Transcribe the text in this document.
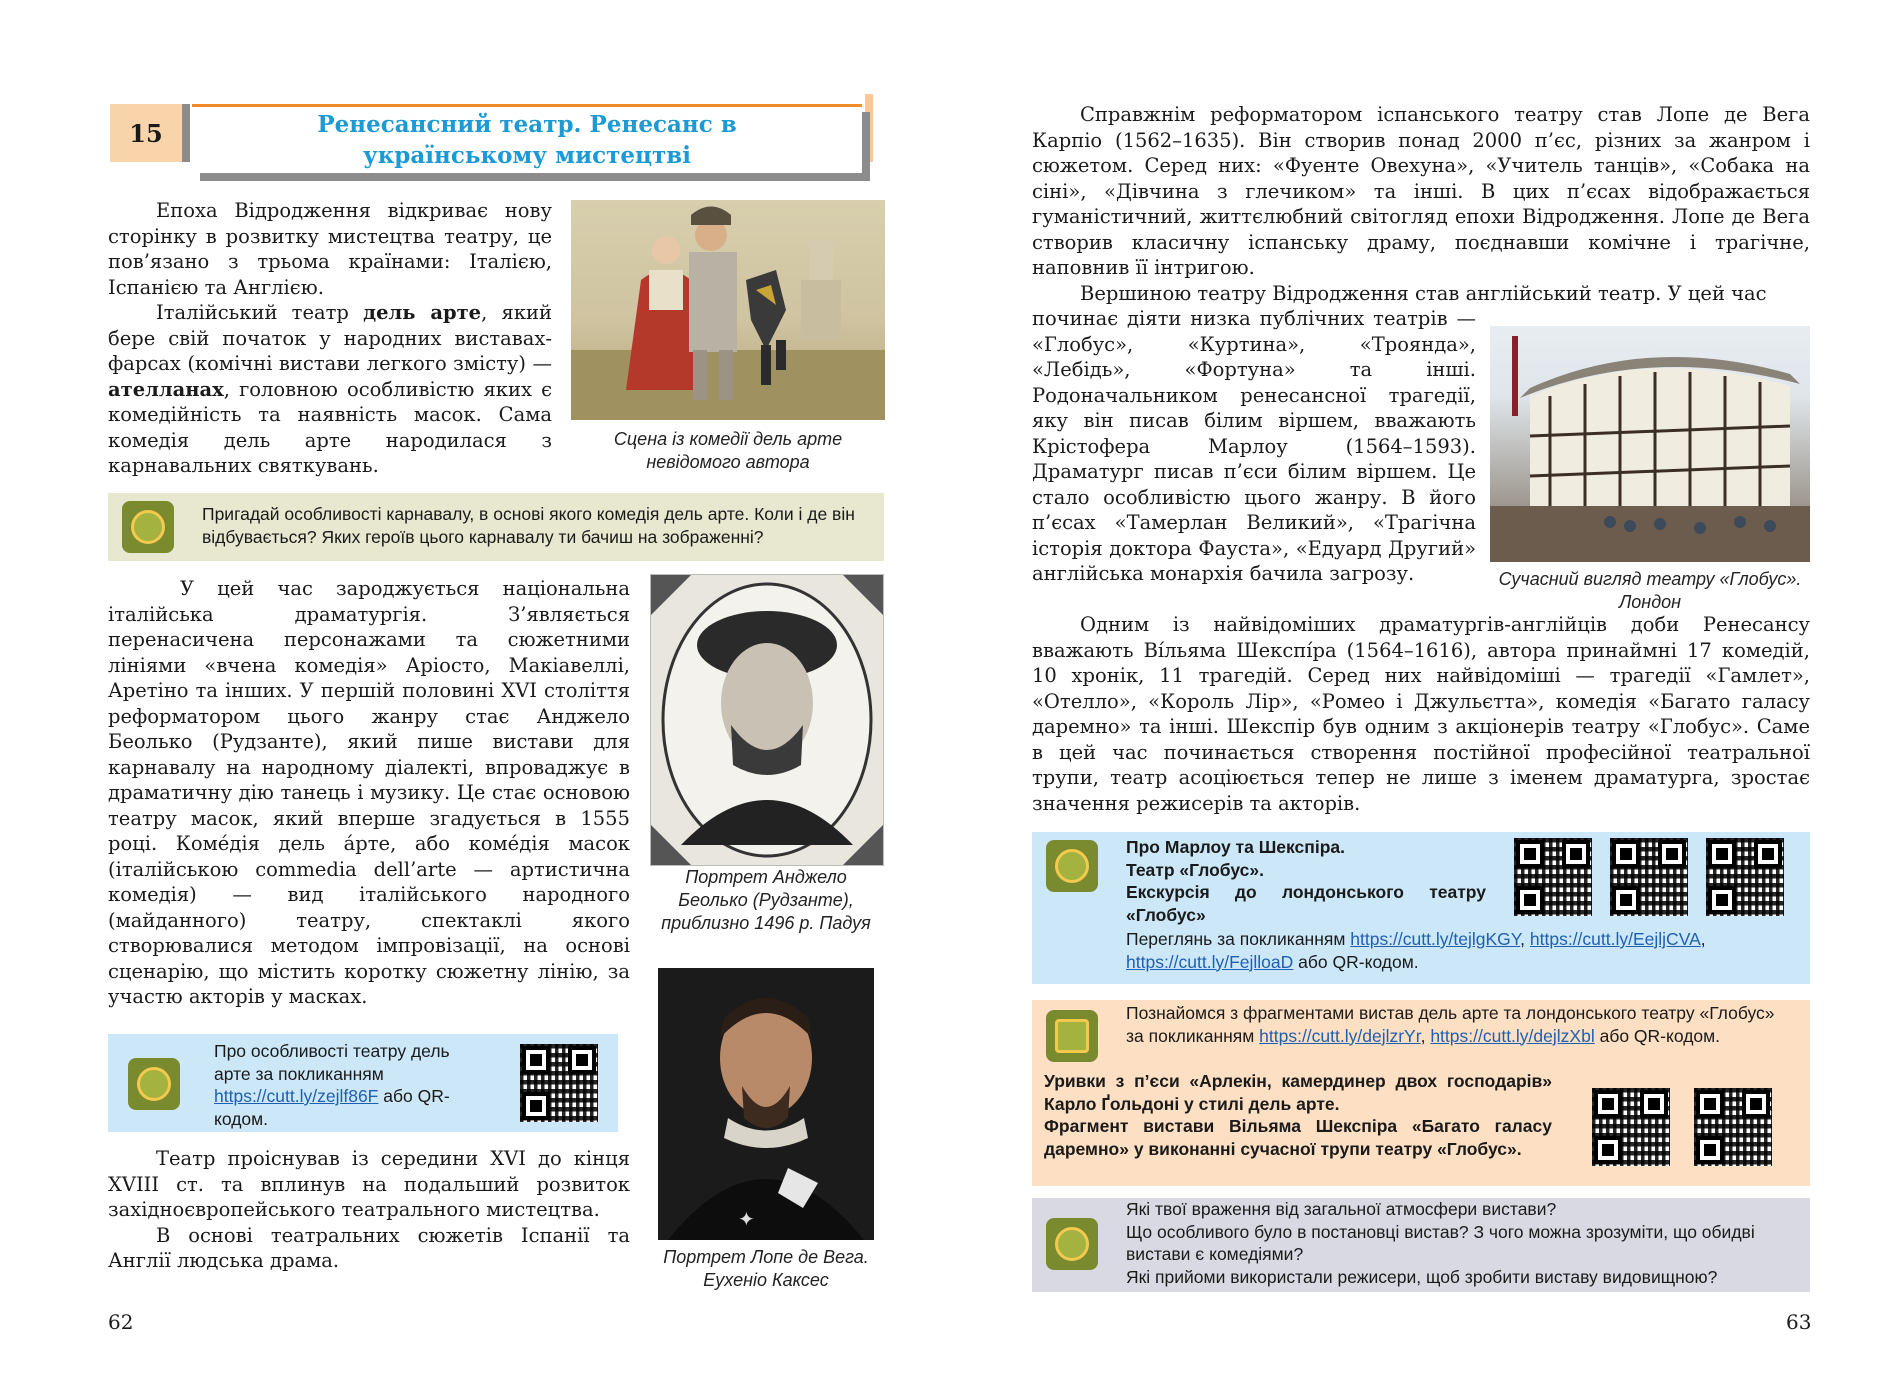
15	Ренесансний театр. Ренесанс в українському мистецтві

Епоха Відродження відкриває нову сторінку в розвитку мистецтва театру, це пов’язано з трьома країнами: Італією, Іспанією та Англією.

Італійський театр дель арте, який бере свій початок у народних виставах-фарсах (комічні вистави легкого змісту) — ателланах, головною особливістю яких є комедійність та наявність масок. Сама комедія дель арте народилася з карнавальних святкувань.

Сцена із комедії дель арте невідомого автора
Пригадай особливості карнавалу, в основі якого комедія дель арте. Коли і де він відбувається? Яких героїв цього карнавалу ти бачиш на зображенні?

У цей час зароджується національна італійська драматургія. З’являється перенасичена персонажами та сюжетними лініями «вчена комедія» Аріосто, Макіавеллі, Аретіно та інших. У першій половині XVI століття реформатором цього жанру стає Анджело Беолько (Рудзанте), який пише вистави для карнавалу на народному діалекті, впроваджує в драматичну дію танець і музику. Це стає основою театру масок, який вперше згадується в 1555 році. Коме́дія дель а́рте, або коме́дія масок (італійською commedia dell’arte — артистична комедія) — вид італійського народного (майданного) театру, спектаклі якого створювалися методом імпровізації, на основі сценарію, що містить коротку сюжетну лінію, за участю акторів у масках.

Портрет Анджело Беолько (Рудзанте), приблизно 1496 р. Падуя
Про особливості театру дель арте за покликанням https://cutt.ly/zejlf86F або QR-кодом.

Театр проіснував із середини XVI до кінця XVIII ст. та вплинув на подальший розвиток західноєвропейського театрального мистецтва.

В основі театральних сюжетів Іспанії та Англії людська драма.

✦
Портрет Лопе де Вега. Еухеніо Каксес
62

Справжнім реформатором іспанського театру став Лопе де Вега Карпіо (1562–1635). Він створив понад 2000 п’єс, різних за жанром і сюжетом. Серед них: «Фуенте Овехуна», «Учитель танців», «Собака на сіні», «Дівчина з глечиком» та інші. В цих п’єсах відображається гуманістичний, життєлюбний світогляд епохи Відродження. Лопе де Вега створив класичну іспанську драму, поєднавши комічне і трагічне, наповнив її інтригою.

Вершиною театру Відродження став англійський театр. У цей час

починає діяти низка публічних театрів — «Глобус», «Куртина», «Троянда», «Лебідь», «Фортуна» та інші. Родоначальником ренесансної трагедії, яку він писав білим віршем, вважають Крістофера Марлоу (1564–1593). Драматург писав п’єси білим віршем. Це стало особливістю цього жанру. В його п’єсах «Тамерлан Великий», «Трагічна історія доктора Фауста», «Едуард Другий» англійська монархія бачила загрозу.	Сучасний вигляд театру «Глобус». Лондон

Одним із найвідоміших драматургів-англійців доби Ренесансу вважають Ві́льяма Шекспі́ра (1564–1616), автора принаймні 17 комедій, 10 хронік, 11 трагедій. Серед них найвідоміші — трагедії «Гамлет», «Отелло», «Король Лір», «Ромео і Джульєтта», комедія «Багато галасу даремно» та інші. Шекспір був одним з акціонерів театру «Глобус». Саме в цей час починається створення постійної професійної театральної трупи, театр асоціюється тепер не лише з іменем драматурга, зростає значення режисерів та акторів.

Про Марлоу та Шекспіра.
Театр «Глобус».
Екскурсія до лондонського театру «Глобус»
Переглянь за покликанням https://cutt.ly/tejlgKGY, https://cutt.ly/EejljCVA,
https://cutt.ly/FejlloaD або QR-кодом.
Познайомся з фрагментами вистав дель арте та лондонського театру «Глобус» за покликанням https://cutt.ly/dejlzrYr, https://cutt.ly/dejlzXbl або QR-кодом.
Уривки з п’єси «Арлекін, камердинер двох господарів» Карло Ґольдоні у стилі дель арте.
Фрагмент вистави Вільяма Шекспіра «Багато галасу даремно» у виконанні сучасної трупи театру «Глобус».
Які твої враження від загальної атмосфери вистави?
Що особливого було в постановці вистав? З чого можна зрозуміти, що обидві вистави є комедіями?
Які прийоми використали режисери, щоб зробити виставу видовищною?
63
